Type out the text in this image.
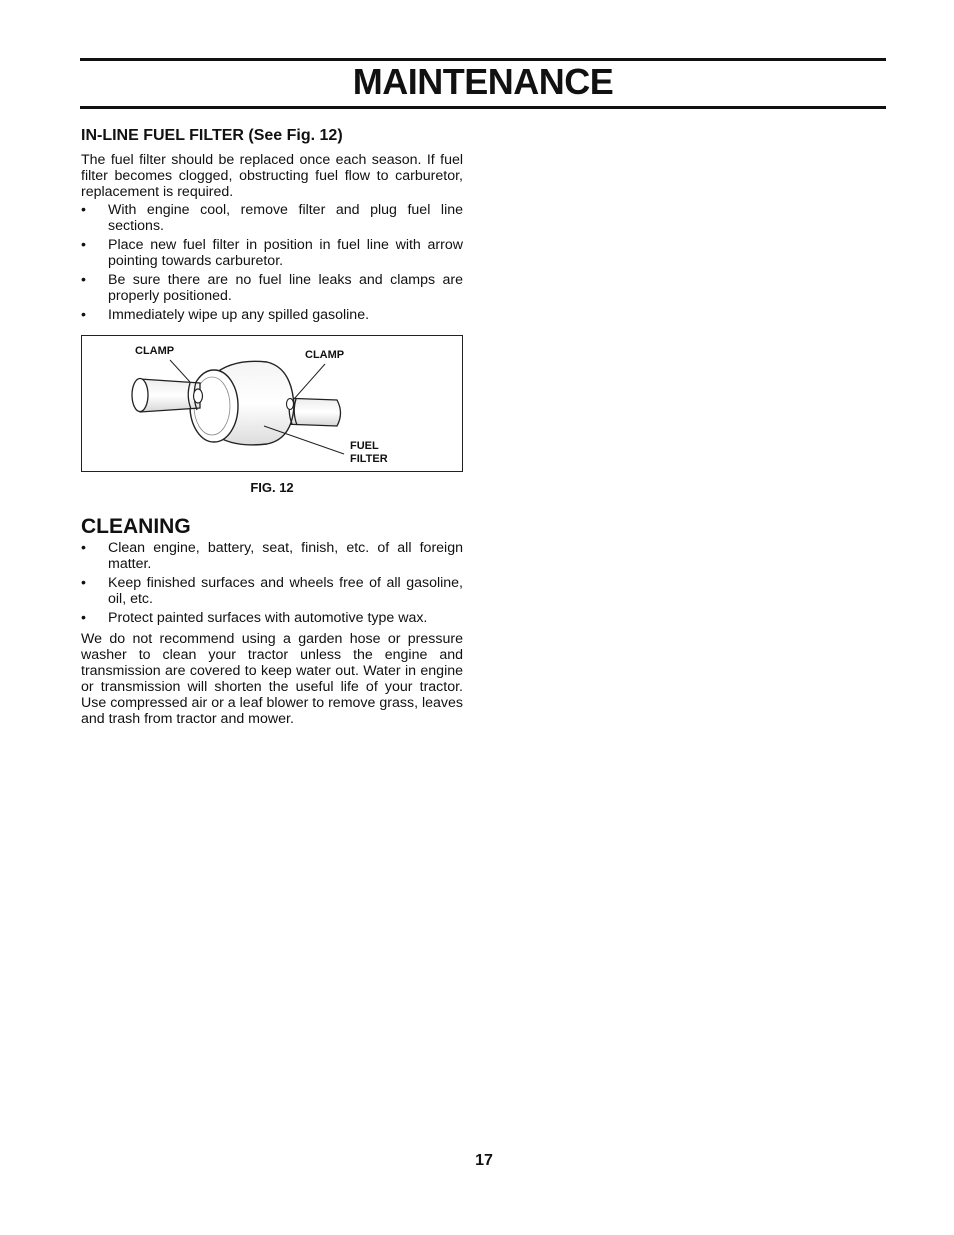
MAINTENANCE
IN-LINE FUEL FILTER (See Fig. 12)

The fuel filter should be replaced once each season. If fuel filter becomes clogged, obstructing fuel flow to carburetor, replacement is required.

• With engine cool, remove filter and plug fuel line sections.
• Place new fuel filter in position in fuel line with arrow pointing towards carburetor.
• Be sure there are no fuel line leaks and clamps are properly positioned.
• Immediately wipe up any spilled gasoline.
CLAMP	CLAMP
FUEL
FILTER
FIG. 12
CLEANING
• Clean engine, battery, seat, finish, etc. of all foreign matter.
• Keep finished surfaces and wheels free of all gasoline, oil, etc.
• Protect painted surfaces with automotive type wax.

We do not recommend using a garden hose or pressure washer to clean your tractor unless the engine and transmission are covered to keep water out. Water in engine or transmission will shorten the useful life of your tractor. Use compressed air or a leaf blower to remove grass, leaves and trash from tractor and mower.

17
